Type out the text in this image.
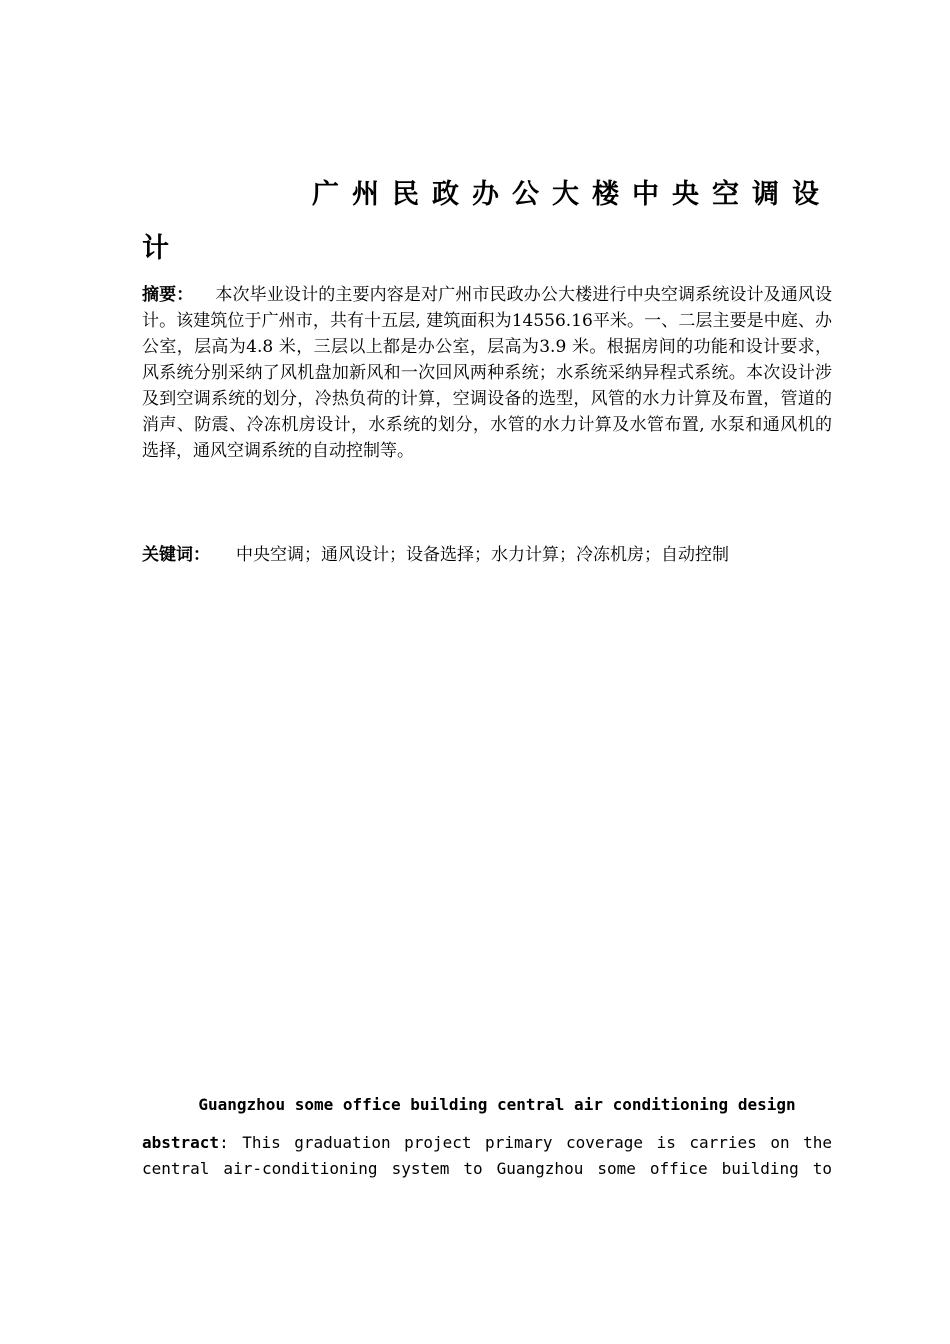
广州民政办公大楼中央空调设计

摘要： 本次毕业设计的主要内容是对广州市民政办公大楼进行中央空调系统设计及通风设计。该建筑位于广州市，共有十五层, 建筑面积为14556.16平米。一、二层主要是中庭、办公室，层高为4.8 米，三层以上都是办公室，层高为3.9 米。根据房间的功能和设计要求，风系统分别采纳了风机盘加新风和一次回风两种系统；水系统采纳异程式系统。本次设计涉及到空调系统的划分，冷热负荷的计算，空调设备的选型，风管的水力计算及布置，管道的消声、防震、冷冻机房设计，水系统的划分，水管的水力计算及水管布置, 水泵和通风机的选择，通风空调系统的自动控制等。

关键词： 中央空调；通风设计；设备选择；水力计算；冷冻机房；自动控制

Guangzhou some office building central air conditioning design

abstract: This graduation project primary coverage is carries on the central air-conditioning system to Guangzhou some office building to
